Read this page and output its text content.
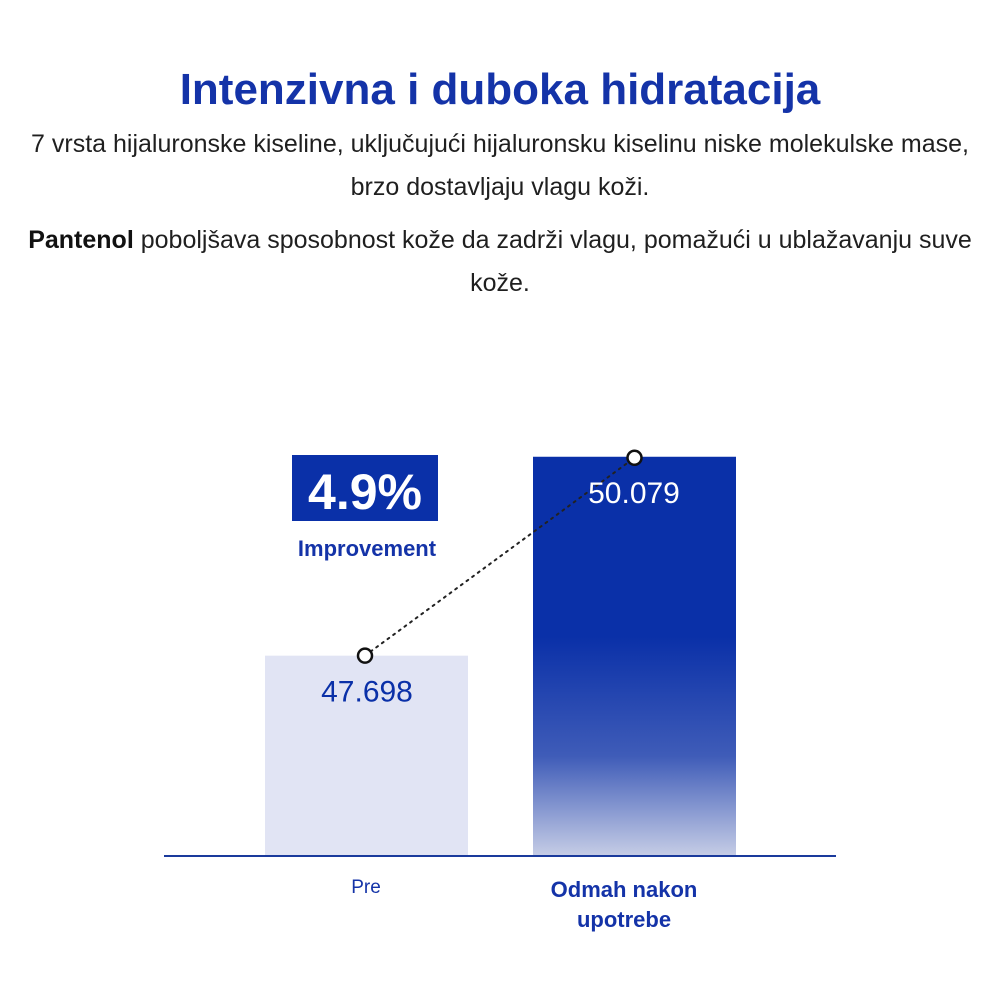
Intenzivna i duboka hidratacija

7 vrsta hijaluronske kiseline, uključujući hijaluronsku kiselinu niske molekulske mase, brzo dostavljaju vlagu koži.

Pantenol poboljšava sposobnost kože da zadrži vlagu, pomažući u ublažavanju suve kože.

47.698
50.079
Pre	Odmah nakon
upotrebe
4.9%
Improvement
